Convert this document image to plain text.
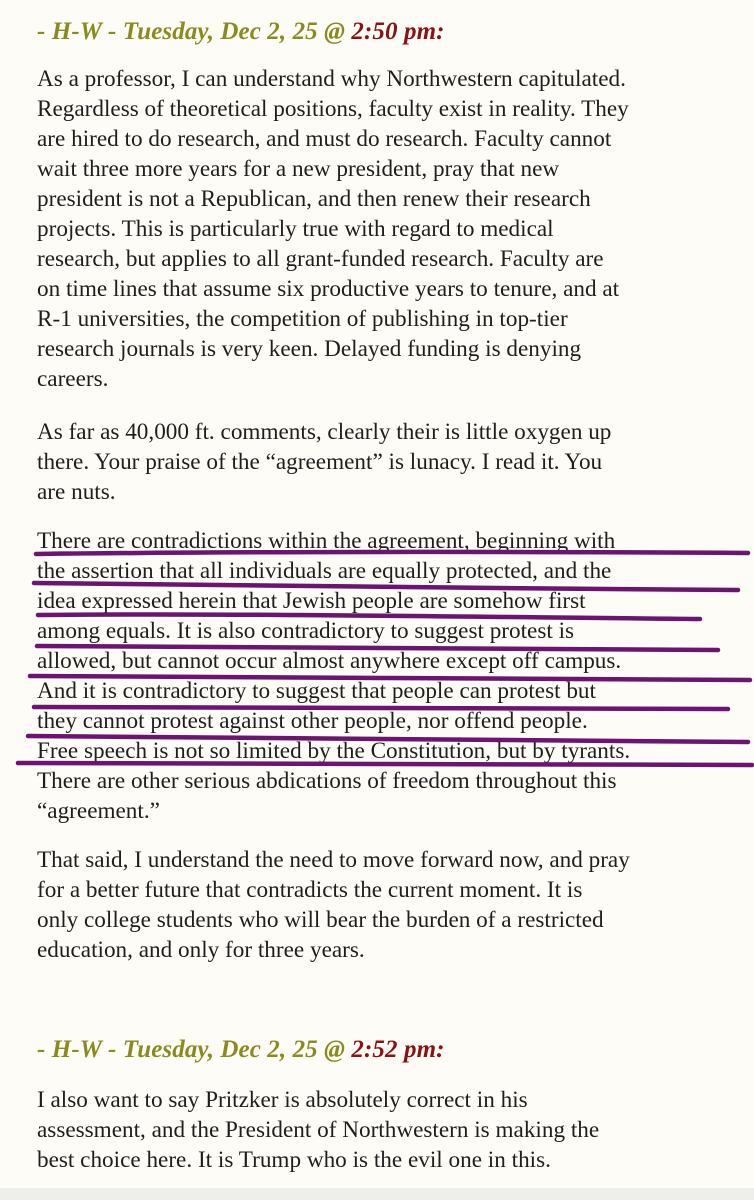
- H-W - Tuesday, Dec 2, 25 @ 2:50 pm:
As a professor, I can understand why Northwestern capitulated.
Regardless of theoretical positions, faculty exist in reality. They
are hired to do research, and must do research. Faculty cannot
wait three more years for a new president, pray that new
president is not a Republican, and then renew their research
projects. This is particularly true with regard to medical
research, but applies to all grant-funded research. Faculty are
on time lines that assume six productive years to tenure, and at
R-1 universities, the competition of publishing in top-tier
research journals is very keen. Delayed funding is denying
careers.
As far as 40,000 ft. comments, clearly their is little oxygen up
there. Your praise of the “agreement” is lunacy. I read it. You
are nuts.
There are contradictions within the agreement, beginning with
the assertion that all individuals are equally protected, and the
idea expressed herein that Jewish people are somehow first
among equals. It is also contradictory to suggest protest is
allowed, but cannot occur almost anywhere except off campus.
And it is contradictory to suggest that people can protest but
they cannot protest against other people, nor offend people.
Free speech is not so limited by the Constitution, but by tyrants.
There are other serious abdications of freedom throughout this
“agreement.”
That said, I understand the need to move forward now, and pray
for a better future that contradicts the current moment. It is
only college students who will bear the burden of a restricted
education, and only for three years.
- H-W - Tuesday, Dec 2, 25 @ 2:52 pm:
I also want to say Pritzker is absolutely correct in his
assessment, and the President of Northwestern is making the
best choice here. It is Trump who is the evil one in this.
